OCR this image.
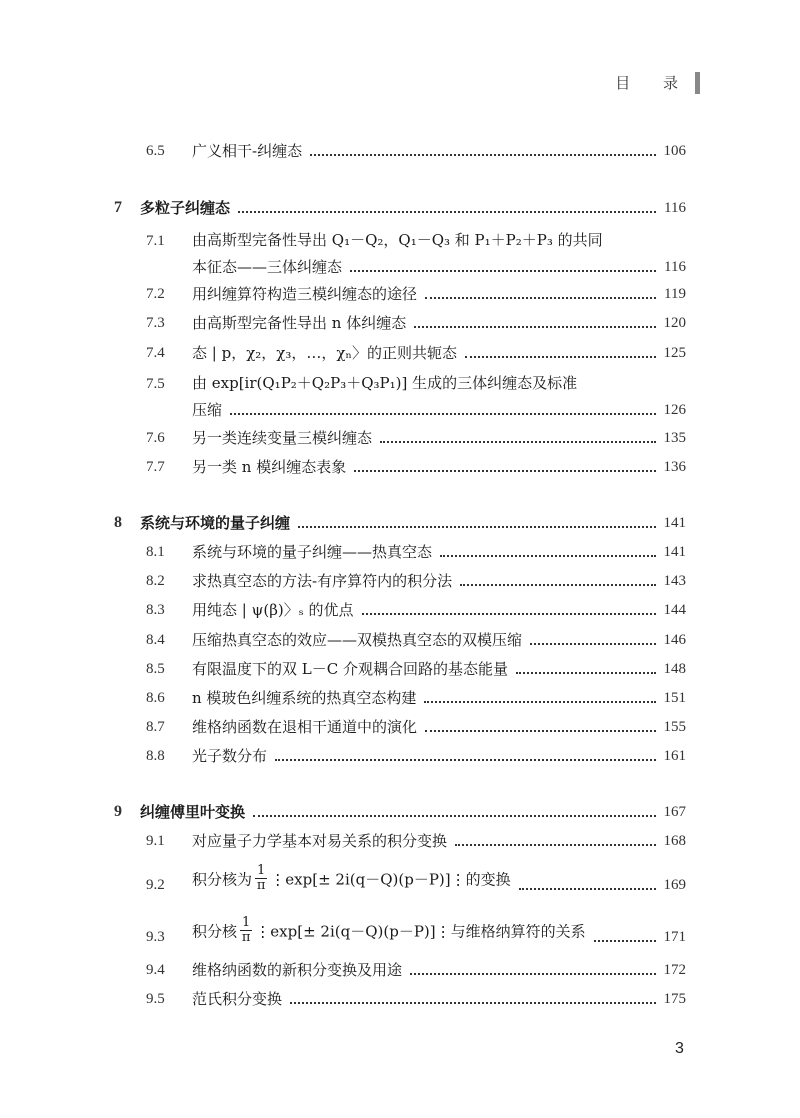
目 录
6.5	广义相干-纠缠态	106
7	多粒子纠缠态	116
7.1 由高斯型完备性导出 Q₁－Q₂，Q₁－Q₃ 和 P₁＋P₂＋P₃ 的共同
本征态——三体纠缠态	116
7.2	用纠缠算符构造三模纠缠态的途径	119
7.3	由高斯型完备性导出 n 体纠缠态	120
7.4	态 | p，χ₂，χ₃，…，χₙ〉的正则共轭态	125
7.5 由 exp[ir(Q₁P₂＋Q₂P₃＋Q₃P₁)] 生成的三体纠缠态及标准
压缩	126
7.6	另一类连续变量三模纠缠态	135
7.7	另一类 n 模纠缠态表象	136
8	系统与环境的量子纠缠	141
8.1	系统与环境的量子纠缠——热真空态	141
8.2	求热真空态的方法-有序算符内的积分法	143
8.3	用纯态 | ψ(β)〉ₛ 的优点	144
8.4	压缩热真空态的效应——双模热真空态的双模压缩	146
8.5	有限温度下的双 L－C 介观耦合回路的基态能量	148
8.6	n 模玻色纠缠系统的热真空态构建	151
8.7	维格纳函数在退相干通道中的演化	155
8.8	光子数分布	161
9	纠缠傅里叶变换	167
9.1	对应量子力学基本对易关系的积分变换	168
9.2	积分核为 $\frac{1}{\pi}$ ⋮exp[± 2i(q－Q)(p－P)]⋮的变换	169
9.3	积分核 $\frac{1}{\pi}$ ⋮exp[± 2i(q－Q)(p－P)]⋮与维格纳算符的关系	171
9.4	维格纳函数的新积分变换及用途	172
9.5	范氏积分变换	175
3
